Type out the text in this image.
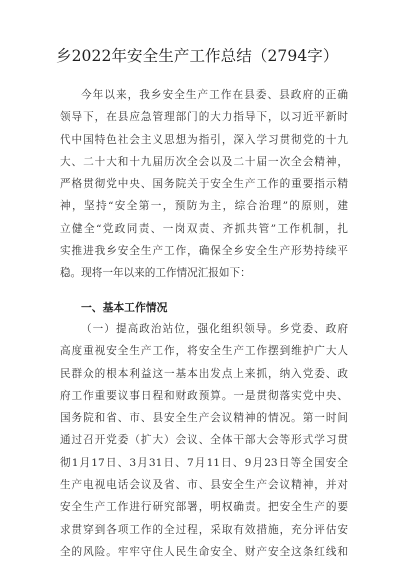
乡2022年安全生产工作总结（2794字）
今年以来，我乡安全生产工作在县委、县政府的正确
领导下，在县应急管理部门的大力指导下，以习近平新时
代中国特色社会主义思想为指引，深入学习贯彻党的十九
大、二十大和十九届历次全会以及二十届一次全会精神，
严格贯彻党中央、国务院关于安全生产工作的重要指示精
神，坚持“安全第一，预防为主，综合治理”的原则，建
立健全“党政同责、一岗双责、齐抓共管”工作机制，扎
实推进我乡安全生产工作，确保全乡安全生产形势持续平
稳。现将一年以来的工作情况汇报如下：
一、基本工作情况
（一）提高政治站位，强化组织领导。乡党委、政府
高度重视安全生产工作，将安全生产工作摆到维护广大人
民群众的根本利益这一基本出发点上来抓，纳入党委、政
府工作重要议事日程和财政预算。一是贯彻落实党中央、
国务院和省、市、县安全生产会议精神的情况。第一时间
通过召开党委（扩大）会议、全体干部大会等形式学习贯
彻1月17日、3月31日、7月11日、9月23日等全国安全
生产电视电话会议及省、市、县安全生产会议精神，并对
安全生产工作进行研究部署，明权确责。把安全生产的要
求贯穿到各项工作的全过程，采取有效措施，充分评估安
全的风险。牢牢守住人民生命安全、财产安全这条红线和
